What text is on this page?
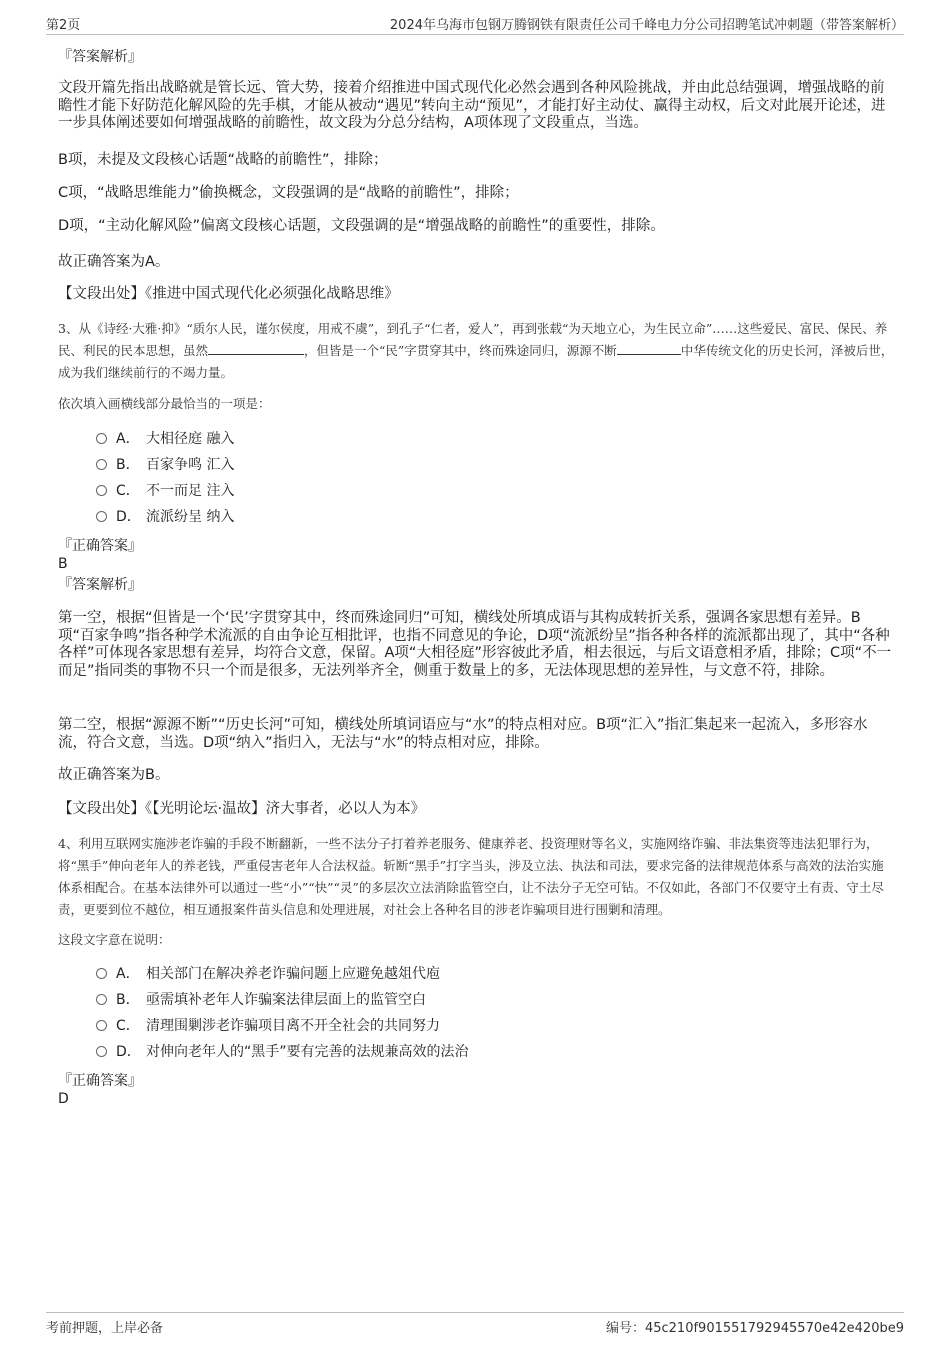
第2页	2024年乌海市包钢万腾钢铁有限责任公司千峰电力分公司招聘笔试冲刺题（带答案解析）
『答案解析』
文段开篇先指出战略就是管长远、管大势，接着介绍推进中国式现代化必然会遇到各种风险挑战，并由此总结强调，增强战略的前瞻性才能下好防范化解风险的先手棋，才能从被动“遇见”转向主动“预见”，才能打好主动仗、赢得主动权，后文对此展开论述，进一步具体阐述要如何增强战略的前瞻性，故文段为分总分结构，A项体现了文段重点，当选。
B项，未提及文段核心话题“战略的前瞻性”，排除；
C项，“战略思维能力”偷换概念，文段强调的是“战略的前瞻性”，排除；
D项，“主动化解风险”偏离文段核心话题，文段强调的是“增强战略的前瞻性”的重要性，排除。
故正确答案为A。
【文段出处】《推进中国式现代化必须强化战略思维》
3、从《诗经·大雅·抑》“质尔人民，谨尔侯度，用戒不虞”，到孔子“仁者，爱人”，再到张载“为天地立心，为生民立命”……这些爱民、富民、保民、养民、利民的民本思想，虽然	，但皆是一个“民”字贯穿其中，终而殊途同归，源源不断	中华传统文化的历史长河，泽被后世，成为我们继续前行的不竭力量。
依次填入画横线部分最恰当的一项是：
A． 大相径庭 融入
B． 百家争鸣 汇入
C． 不一而足 注入
D． 流派纷呈 纳入
『正确答案』
B
『答案解析』
第一空，根据“但皆是一个‘民’字贯穿其中，终而殊途同归”可知，横线处所填成语与其构成转折关系，强调各家思想有差异。B项“百家争鸣”指各种学术流派的自由争论互相批评，也指不同意见的争论，D项“流派纷呈”指各种各样的流派都出现了，其中“各种各样”可体现各家思想有差异，均符合文意，保留。A项“大相径庭”形容彼此矛盾，相去很远，与后文语意相矛盾，排除；C项“不一而足”指同类的事物不只一个而是很多，无法列举齐全，侧重于数量上的多，无法体现思想的差异性，与文意不符，排除。
第二空，根据“源源不断”“历史长河”可知，横线处所填词语应与“水”的特点相对应。B项“汇入”指汇集起来一起流入，多形容水流，符合文意，当选。D项“纳入”指归入，无法与“水”的特点相对应，排除。
故正确答案为B。
【文段出处】《【光明论坛·温故】济大事者，必以人为本》
4、利用互联网实施涉老诈骗的手段不断翻新，一些不法分子打着养老服务、健康养老、投资理财等名义，实施网络诈骗、非法集资等违法犯罪行为，将“黑手”伸向老年人的养老钱，严重侵害老年人合法权益。斩断“黑手”打字当头，涉及立法、执法和司法，要求完备的法律规范体系与高效的法治实施体系相配合。在基本法律外可以通过一些“小”“快”“灵”的多层次立法消除监管空白，让不法分子无空可钻。不仅如此，各部门不仅要守土有责、守土尽责，更要到位不越位，相互通报案件苗头信息和处理进展，对社会上各种名目的涉老诈骗项目进行围剿和清理。
这段文字意在说明：
A． 相关部门在解决养老诈骗问题上应避免越俎代庖
B． 亟需填补老年人诈骗案法律层面上的监管空白
C． 清理围剿涉老诈骗项目离不开全社会的共同努力
D． 对伸向老年人的“黑手”要有完善的法规兼高效的法治
『正确答案』
D
考前押题，上岸必备	编号：45c210f901551792945570e42e420be9
